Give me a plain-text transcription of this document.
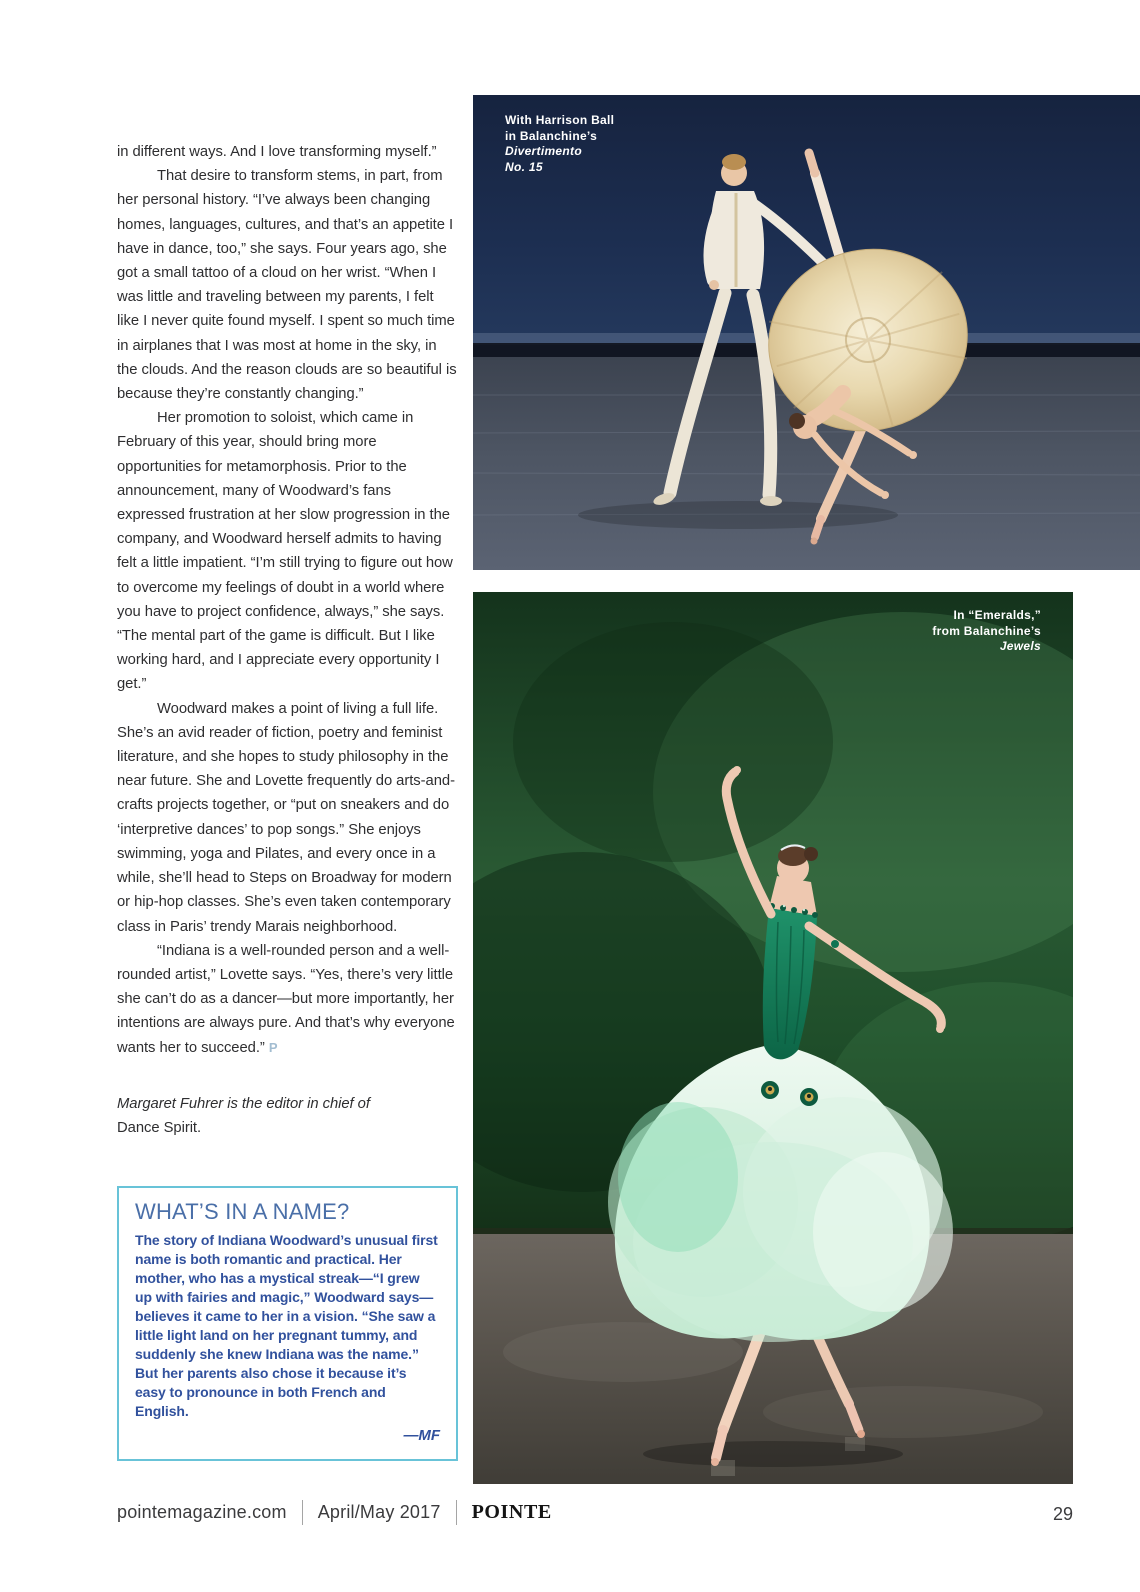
in different ways. And I love transforming myself.”

That desire to transform stems, in part, from her personal history. “I’ve always been changing homes, languages, cultures, and that’s an appetite I have in dance, too,” she says. Four years ago, she got a small tattoo of a cloud on her wrist. “When I was little and traveling between my parents, I felt like I never quite found myself. I spent so much time in airplanes that I was most at home in the sky, in the clouds. And the reason clouds are so beautiful is because they’re constantly changing.”

Her promotion to soloist, which came in February of this year, should bring more opportunities for metamorphosis. Prior to the announcement, many of Woodward’s fans expressed frustration at her slow progression in the company, and Woodward herself admits to having felt a little impatient. “I’m still trying to figure out how to overcome my feelings of doubt in a world where you have to project confidence, always,” she says. “The mental part of the game is difficult. But I like working hard, and I appreciate every opportunity I get.”

Woodward makes a point of living a full life. She’s an avid reader of fiction, poetry and feminist literature, and she hopes to study philosophy in the near future. She and Lovette frequently do arts-and-crafts projects together, or “put on sneakers and do ‘interpretive dances’ to pop songs.” She enjoys swimming, yoga and Pilates, and every once in a while, she’ll head to Steps on Broadway for modern or hip-hop classes. She’s even taken contemporary class in Paris’ trendy Marais neighborhood.

“Indiana is a well-rounded person and a well-rounded artist,” Lovette says. “Yes, there’s very little she can’t do as a dancer—but more importantly, her intentions are always pure. And that’s why everyone wants her to succeed.” P

Margaret Fuhrer is the editor in chief of
Dance Spirit.
WHAT’S IN A NAME?
The story of Indiana Woodward’s unusual first name is both romantic and practical. Her mother, who has a mystical streak—“I grew up with fairies and magic,” Woodward says—believes it came to her in a vision. “She saw a little light land on her pregnant tummy, and suddenly she knew Indiana was the name.” But her parents also chose it because it’s easy to pronounce in both French and English.
—MF
With Harrison Ball
in Balanchine’s
Divertimento
No. 15
In “Emeralds,”
from Balanchine’s
Jewels
pointemagazine.com April/May 2017 POINTE	29
